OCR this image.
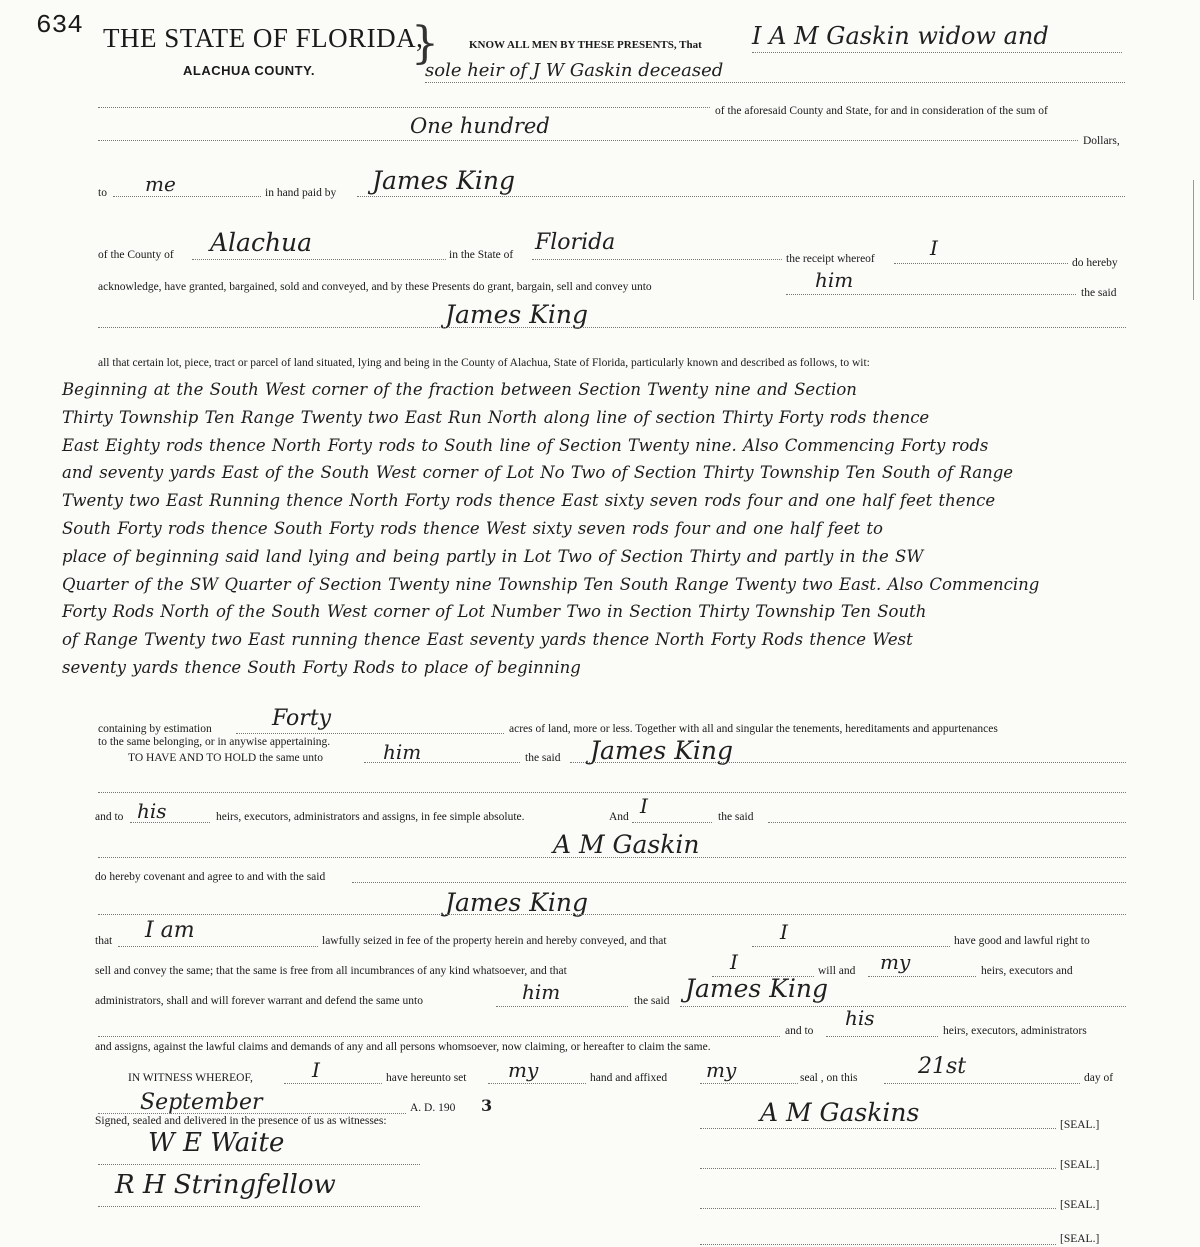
634 THE STATE OF FLORIDA,
ALACHUA COUNTY.
}	KNOW ALL MEN BY THESE PRESENTS, That I A M Gaskin widow and
sole heir of J W Gaskin deceased
of the aforesaid County and State, for and in consideration of the sum of
One hundred
Dollars,
to me	in hand paid by James King
of the County of Alachua	in the State of Florida
the receipt whereof	I
do hereby
acknowledge, have granted, bargained, sold and conveyed, and by these Presents do grant, bargain, sell and convey unto	him
the said
James King
all that certain lot, piece, tract or parcel of land situated, lying and being in the County of Alachua, State of Florida, particularly known and described as follows, to wit:
Beginning at the South West corner of the fraction between Section Twenty nine and Section
Thirty Township Ten Range Twenty two East Run North along line of section Thirty Forty rods thence
East Eighty rods thence North Forty rods to South line of Section Twenty nine. Also Commencing Forty rods
and seventy yards East of the South West corner of Lot No Two of Section Thirty Township Ten South of Range
Twenty two East Running thence North Forty rods thence East sixty seven rods four and one half feet thence
South Forty rods thence South Forty rods thence West sixty seven rods four and one half feet to
place of beginning said land lying and being partly in Lot Two of Section Thirty and partly in the SW
Quarter of the SW Quarter of Section Twenty nine Township Ten South Range Twenty two East. Also Commencing
Forty Rods North of the South West corner of Lot Number Two in Section Thirty Township Ten South
of Range Twenty two East running thence East seventy yards thence North Forty Rods thence West
seventy yards thence South Forty Rods to place of beginning
containing by estimation	Forty	acres of land, more or less. Together with all and singular the tenements, hereditaments and appurtenances
to the same belonging, or in anywise appertaining.
TO HAVE AND TO HOLD the same unto	him	the said James King
and to his	heirs, executors, administrators and assigns, in fee simple absolute.	And I	the said
A M Gaskin
do hereby covenant and agree to and with the said
James King
that I am	lawfully seized in fee of the property herein and hereby conveyed, and that	I	have good and lawful right to
sell and convey the same; that the same is free from all incumbrances of any kind whatsoever, and that	I	will and my	heirs, executors and
administrators, shall and will forever warrant and defend the same unto	him	the said James King
and to
his
heirs, executors, administrators
and assigns, against the lawful claims and demands of any and all persons whomsoever, now claiming, or hereafter to claim the same.
IN WITNESS WHEREOF,	I	have hereunto set my	hand and affixed my	seal , on this	21st	day of
September	A. D. 190 3
Signed, sealed and delivered in the presence of us as witnesses:	A M Gaskins	[SEAL.]
[SEAL.]
[SEAL.]
[SEAL.]
W E Waite
R H Stringfellow
